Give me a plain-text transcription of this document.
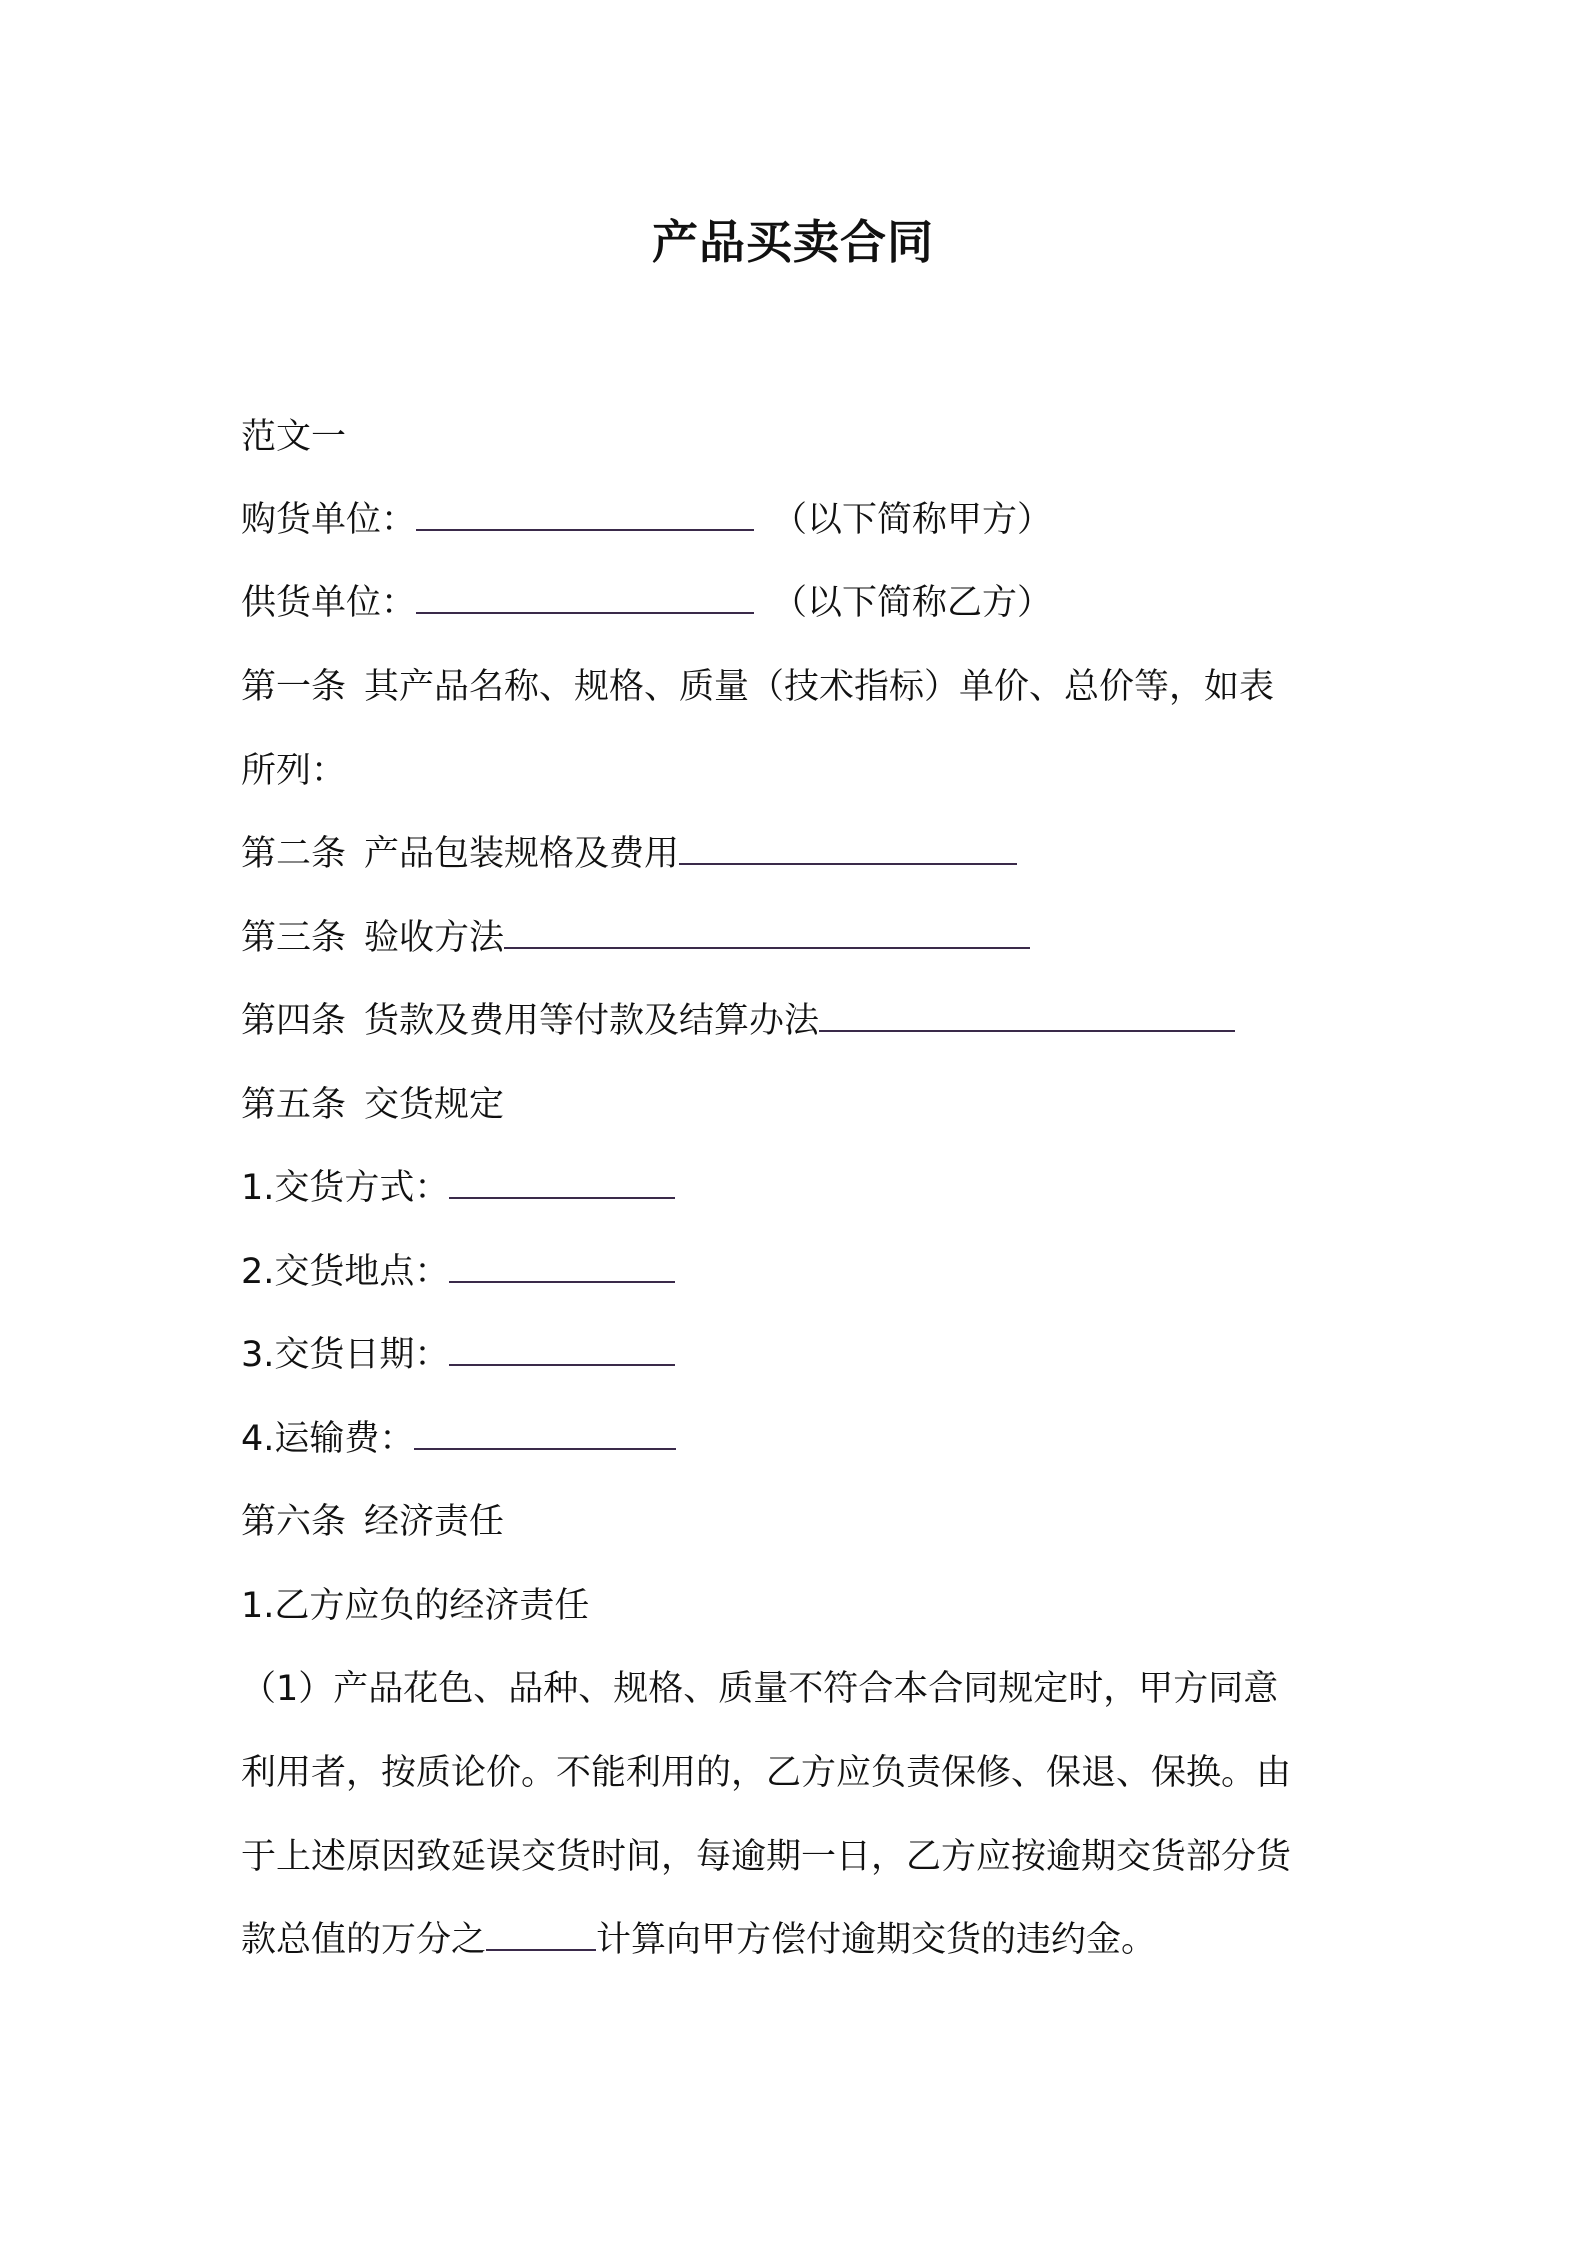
产品买卖合同
范文一
购货单位：	（以下简称甲方）
供货单位：	（以下简称乙方）
第一条 其产品名称、规格、质量（技术指标）单价、总价等，如表
所列：
第二条 产品包装规格及费用
第三条 验收方法
第四条 货款及费用等付款及结算办法
第五条 交货规定
1.交货方式：
2.交货地点：
3.交货日期：
4.运输费：
第六条 经济责任
1.乙方应负的经济责任
（1）产品花色、品种、规格、质量不符合本合同规定时，甲方同意
利用者，按质论价。不能利用的，乙方应负责保修、保退、保换。由
于上述原因致延误交货时间，每逾期一日，乙方应按逾期交货部分货
款总值的万分之	计算向甲方偿付逾期交货的违约金。
